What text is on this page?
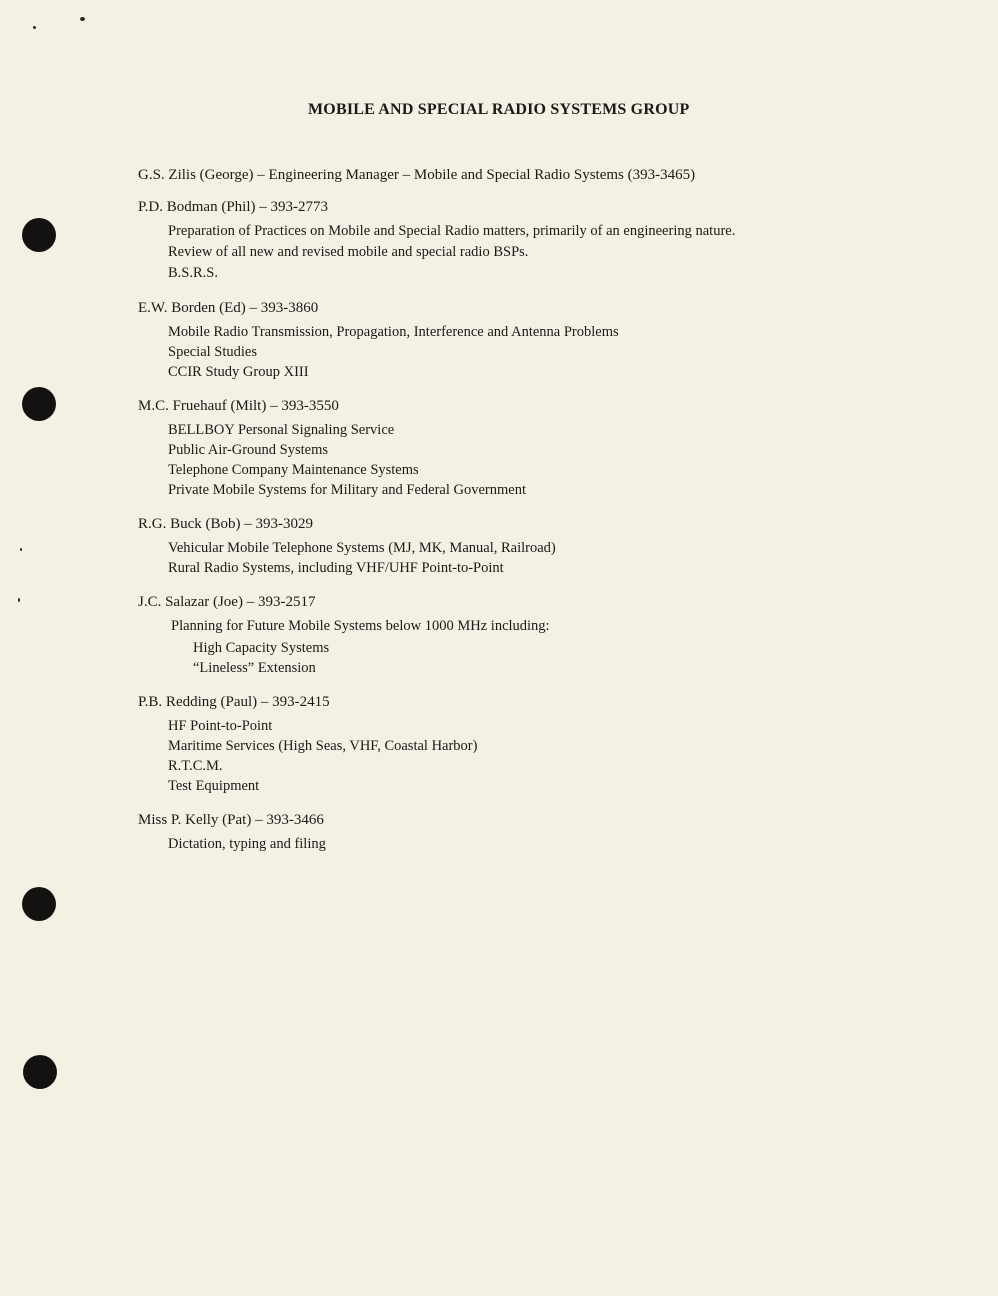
MOBILE AND SPECIAL RADIO SYSTEMS GROUP
G.S. Zilis (George) – Engineering Manager – Mobile and Special Radio Systems (393-3465)
P.D. Bodman (Phil) – 393-2773
Preparation of Practices on Mobile and Special Radio matters, primarily of an engineering nature.
Review of all new and revised mobile and special radio BSPs.
B.S.R.S.
E.W. Borden (Ed) – 393-3860
Mobile Radio Transmission, Propagation, Interference and Antenna Problems
Special Studies
CCIR Study Group XIII
M.C. Fruehauf (Milt) – 393-3550
BELLBOY Personal Signaling Service
Public Air-Ground Systems
Telephone Company Maintenance Systems
Private Mobile Systems for Military and Federal Government
R.G. Buck (Bob) – 393-3029
Vehicular Mobile Telephone Systems (MJ, MK, Manual, Railroad)
Rural Radio Systems, including VHF/UHF Point-to-Point
J.C. Salazar (Joe) – 393-2517
Planning for Future Mobile Systems below 1000 MHz including:
High Capacity Systems
“Lineless” Extension
P.B. Redding (Paul) – 393-2415
HF Point-to-Point
Maritime Services (High Seas, VHF, Coastal Harbor)
R.T.C.M.
Test Equipment
Miss P. Kelly (Pat) – 393-3466
Dictation, typing and filing
